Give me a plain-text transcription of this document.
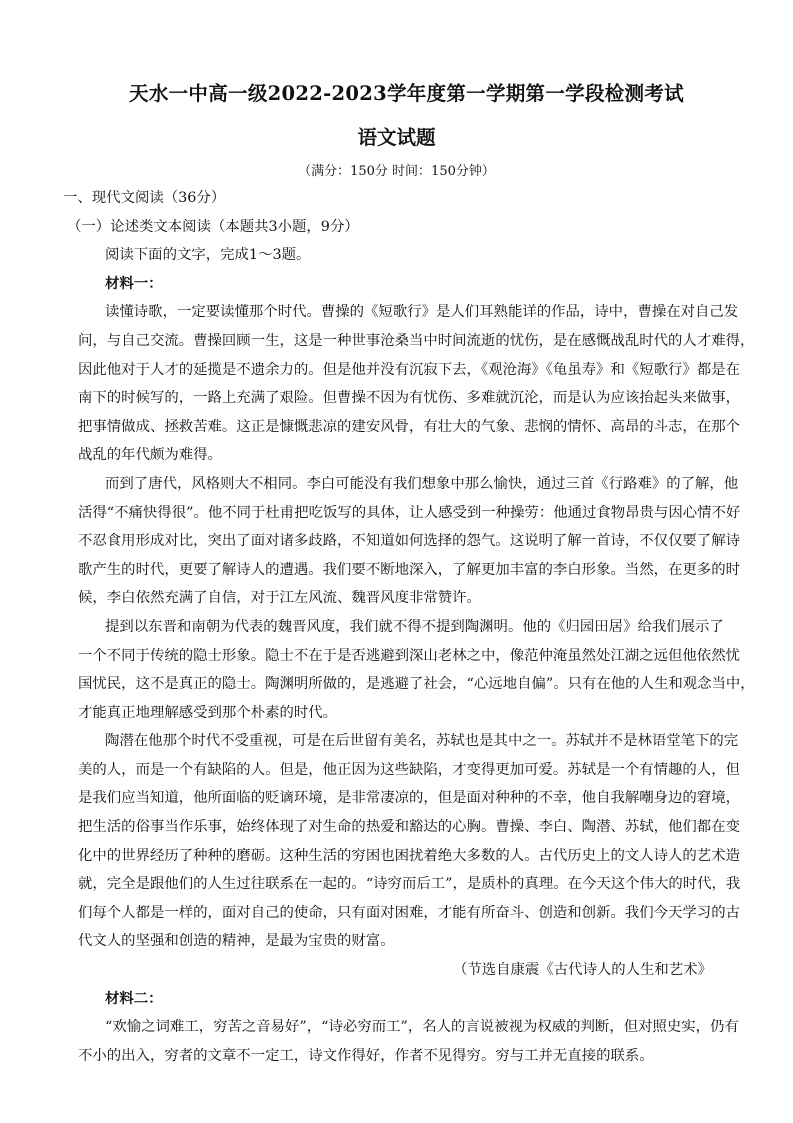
天水一中高一级2022-2023学年度第一学期第一学段检测考试
语文试题
（满分：150分 时间：150分钟）

一、现代文阅读（36分）

（一）论述类文本阅读（本题共3小题，9分）

阅读下面的文字，完成1～3题。

材料一：

读懂诗歌，一定要读懂那个时代。曹操的《短歌行》是人们耳熟能详的作品，诗中，曹操在对自己发

问，与自己交流。曹操回顾一生，这是一种世事沧桑当中时间流逝的忧伤，是在感慨战乱时代的人才难得，

因此他对于人才的延揽是不遗余力的。但是他并没有沉寂下去，《观沧海》《龟虽寿》和《短歌行》都是在

南下的时候写的，一路上充满了艰险。但曹操不因为有忧伤、多难就沉沦，而是认为应该抬起头来做事，

把事情做成、拯救苦难。这正是慷慨悲凉的建安风骨，有壮大的气象、悲悯的情怀、高昂的斗志，在那个

战乱的年代颇为难得。

而到了唐代，风格则大不相同。李白可能没有我们想象中那么愉快，通过三首《行路难》的了解，他

活得“不痛快得很”。他不同于杜甫把吃饭写的具体，让人感受到一种操劳：他通过食物昂贵与因心情不好

不忍食用形成对比，突出了面对诸多歧路，不知道如何选择的怨气。这说明了解一首诗，不仅仅要了解诗

歌产生的时代，更要了解诗人的遭遇。我们要不断地深入，了解更加丰富的李白形象。当然，在更多的时

候，李白依然充满了自信，对于江左风流、魏晋风度非常赞许。

提到以东晋和南朝为代表的魏晋风度，我们就不得不提到陶渊明。他的《归园田居》给我们展示了

一个不同于传统的隐士形象。隐士不在于是否逃避到深山老林之中，像范仲淹虽然处江湖之远但他依然忧

国忧民，这不是真正的隐士。陶渊明所做的，是逃避了社会，“心远地自偏”。只有在他的人生和观念当中，

才能真正地理解感受到那个朴素的时代。

陶潜在他那个时代不受重视，可是在后世留有美名，苏轼也是其中之一。苏轼并不是林语堂笔下的完

美的人，而是一个有缺陷的人。但是，他正因为这些缺陷，才变得更加可爱。苏轼是一个有情趣的人，但

是我们应当知道，他所面临的贬谪环境，是非常凄凉的，但是面对种种的不幸，他自我解嘲身边的窘境，

把生活的俗事当作乐事，始终体现了对生命的热爱和豁达的心胸。曹操、李白、陶潜、苏轼，他们都在变

化中的世界经历了种种的磨砺。这种生活的穷困也困扰着绝大多数的人。古代历史上的文人诗人的艺术造

就，完全是跟他们的人生过往联系在一起的。“诗穷而后工”，是质朴的真理。在今天这个伟大的时代，我

们每个人都是一样的，面对自己的使命，只有面对困难，才能有所奋斗、创造和创新。我们今天学习的古

代文人的坚强和创造的精神，是最为宝贵的财富。

（节选自康震《古代诗人的人生和艺术》

材料二：

“欢愉之词难工，穷苦之音易好”，“诗必穷而工”，名人的言说被视为权威的判断，但对照史实，仍有

不小的出入，穷者的文章不一定工，诗文作得好，作者不见得穷。穷与工并无直接的联系。
